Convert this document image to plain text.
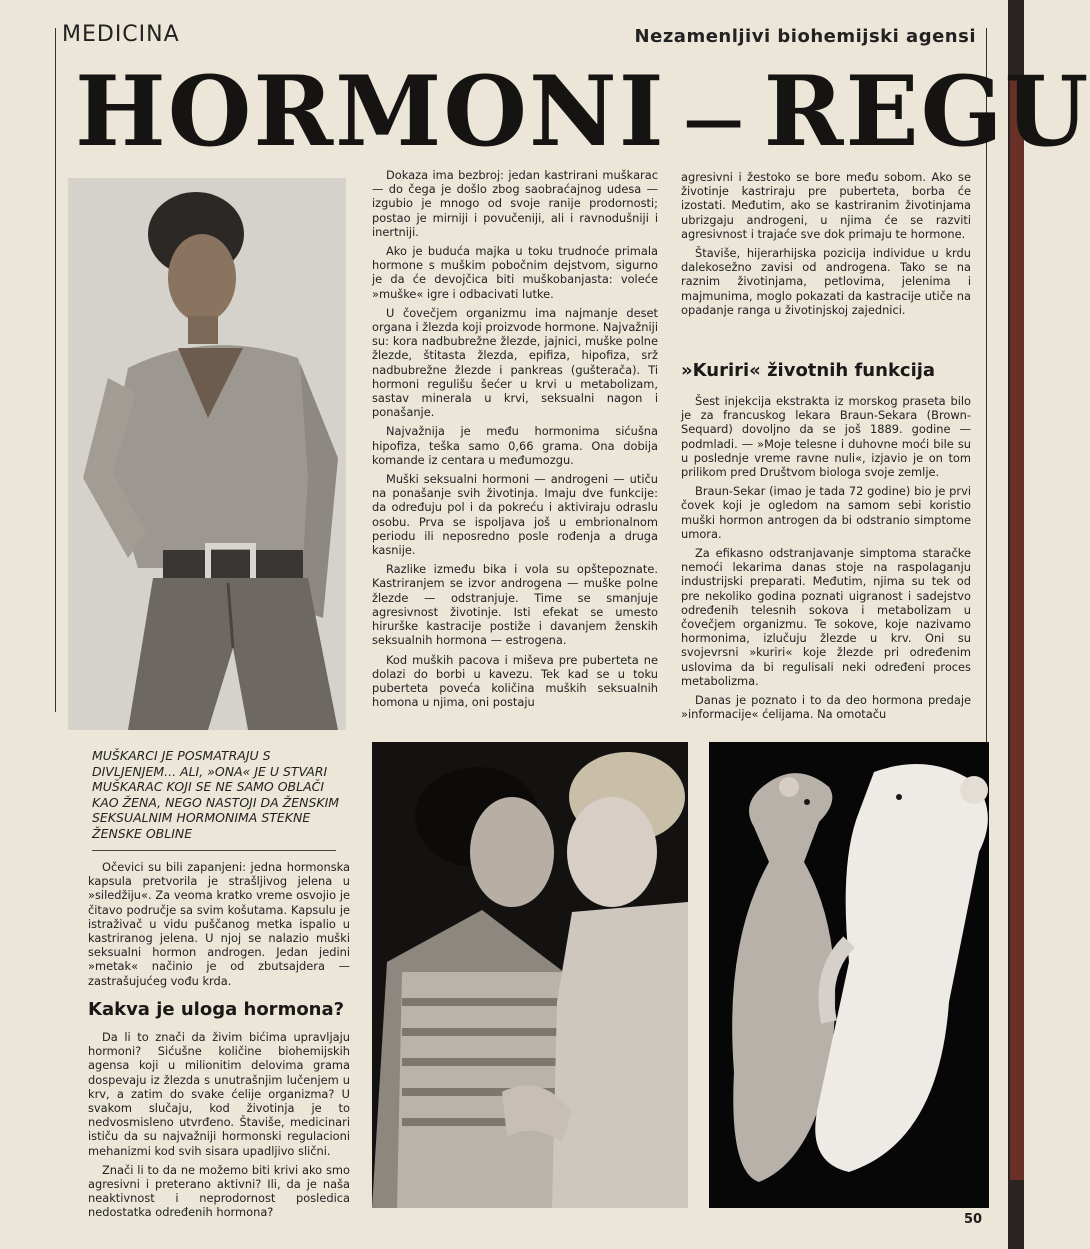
MEDICINA	Nezamenljivi biohemijski agensi
HORMONI — REGU
MUŠKARCI JE POSMATRAJU S DIVLJENJEM... ALI, »ONA« JE U STVARI MUŠKARAC KOJI SE NE SAMO OBLAČI KAO ŽENA, NEGO NASTOJI DA ŽENSKIM SEKSUALNIM HORMONIMA STEKNE ŽENSKE OBLINE

Očevici su bili zapanjeni: jedna hormonska kapsula pretvorila je strašljivog jelena u »siledžiju«. Za veoma kratko vreme osvojio je čitavo područje sa svim košutama. Kapsulu je istraživač u vidu puščanog metka ispalio u kastriranog jelena. U njoj se nalazio muški seksualni hormon androgen. Jedan jedini »metak« načinio je od zbutsajdera — zastrašujućeg vođu krda.

Kakva je uloga hormona?

Da li to znači da živim bićima upravljaju hormoni? Sićušne količine biohemijskih agensa koji u milionitim delovima grama dospevaju iz žlezda s unutrašnjim lučenjem u krv, a zatim do svake ćelije organizma? U svakom slučaju, kod životinja je to nedvosmisleno utvrđeno. Štaviše, medicinari ističu da su najvažniji hormonski regulacioni mehanizmi kod svih sisara upadljivo slični.

Znači li to da ne možemo biti krivi ako smo agresivni i preterano aktivni? Ili, da je naša neaktivnost i neprodornost posledica nedostatka određenih hormona?

Dokaza ima bezbroj: jedan kastrirani muškarac — do čega je došlo zbog saobraćajnog udesa — izgubio je mnogo od svoje ranije prodornosti; postao je mirniji i povučeniji, ali i ravnodušniji i inertniji.

Ako je buduća majka u toku trudnoće primala hormone s muškim pobočnim dejstvom, sigurno je da će devojčica biti muškobanjasta: voleće »muške« igre i odbacivati lutke.

U čovečjem organizmu ima najmanje deset organa i žlezda koji proizvode hormone. Najvažniji su: kora nadbubrežne žlezde, jajnici, muške polne žlezde, štitasta žlezda, epifiza, hipofiza, srž nadbubrežne žlezde i pankreas (gušterača). Ti hormoni regulišu šećer u krvi u metabolizam, sastav minerala u krvi, seksualni nagon i ponašanje.

Najvažnija je među hormonima sićušna hipofiza, teška samo 0,66 grama. Ona dobija komande iz centara u međumozgu.

Muški seksualni hormoni — androgeni — utiču na ponašanje svih životinja. Imaju dve funkcije: da određuju pol i da pokreću i aktiviraju odraslu osobu. Prva se ispoljava još u embrionalnom periodu ili neposredno posle rođenja a druga kasnije.

Razlike između bika i vola su opštepoznate. Kastriranjem se izvor androgena — muške polne žlezde — odstranjuje. Time se smanjuje agresivnost životinje. Isti efekat se umesto hirurške kastracije postiže i davanjem ženskih seksualnih hormona — estrogena.

Kod muških pacova i miševa pre puberteta ne dolazi do borbi u kavezu. Tek kad se u toku puberteta poveća količina muških seksualnih homona u njima, oni postaju

agresivni i žestoko se bore među sobom. Ako se životinje kastriraju pre puberteta, borba će izostati. Međutim, ako se kastriranim životinjama ubrizgaju androgeni, u njima će se razviti agresivnost i trajaće sve dok primaju te hormone.

Štaviše, hijerarhijska pozicija individue u krdu dalekosežno zavisi od androgena. Tako se na raznim životinjama, petlovima, jelenima i majmunima, moglo pokazati da kastracije utiče na opadanje ranga u životinjskoj zajednici.

»Kuriri« životnih funkcija

Šest injekcija ekstrakta iz morskog praseta bilo je za francuskog lekara Braun-Sekara (Brown-Sequard) dovoljno da se još 1889. godine — podmladi. — »Moje telesne i duhovne moći bile su u poslednje vreme ravne nuli«, izjavio je on tom prilikom pred Društvom biologa svoje zemlje.

Braun-Sekar (imao je tada 72 godine) bio je prvi čovek koji je ogledom na samom sebi koristio muški hormon antrogen da bi odstranio simptome umora.

Za efikasno odstranjavanje simptoma staračke nemoći lekarima danas stoje na raspolaganju industrijski preparati. Međutim, njima su tek od pre nekoliko godina poznati uigranost i sadejstvo određenih telesnih sokova i metabolizam u čovečjem organizmu. Te sokove, koje nazivamo hormonima, izlučuju žlezde u krv. Oni su svojevrsni »kuriri« koje žlezde pri određenim uslovima da bi regulisali neki određeni proces metabolizma.

Danas je poznato i to da deo hormona predaje »informacije« ćelijama. Na omotaču

50
